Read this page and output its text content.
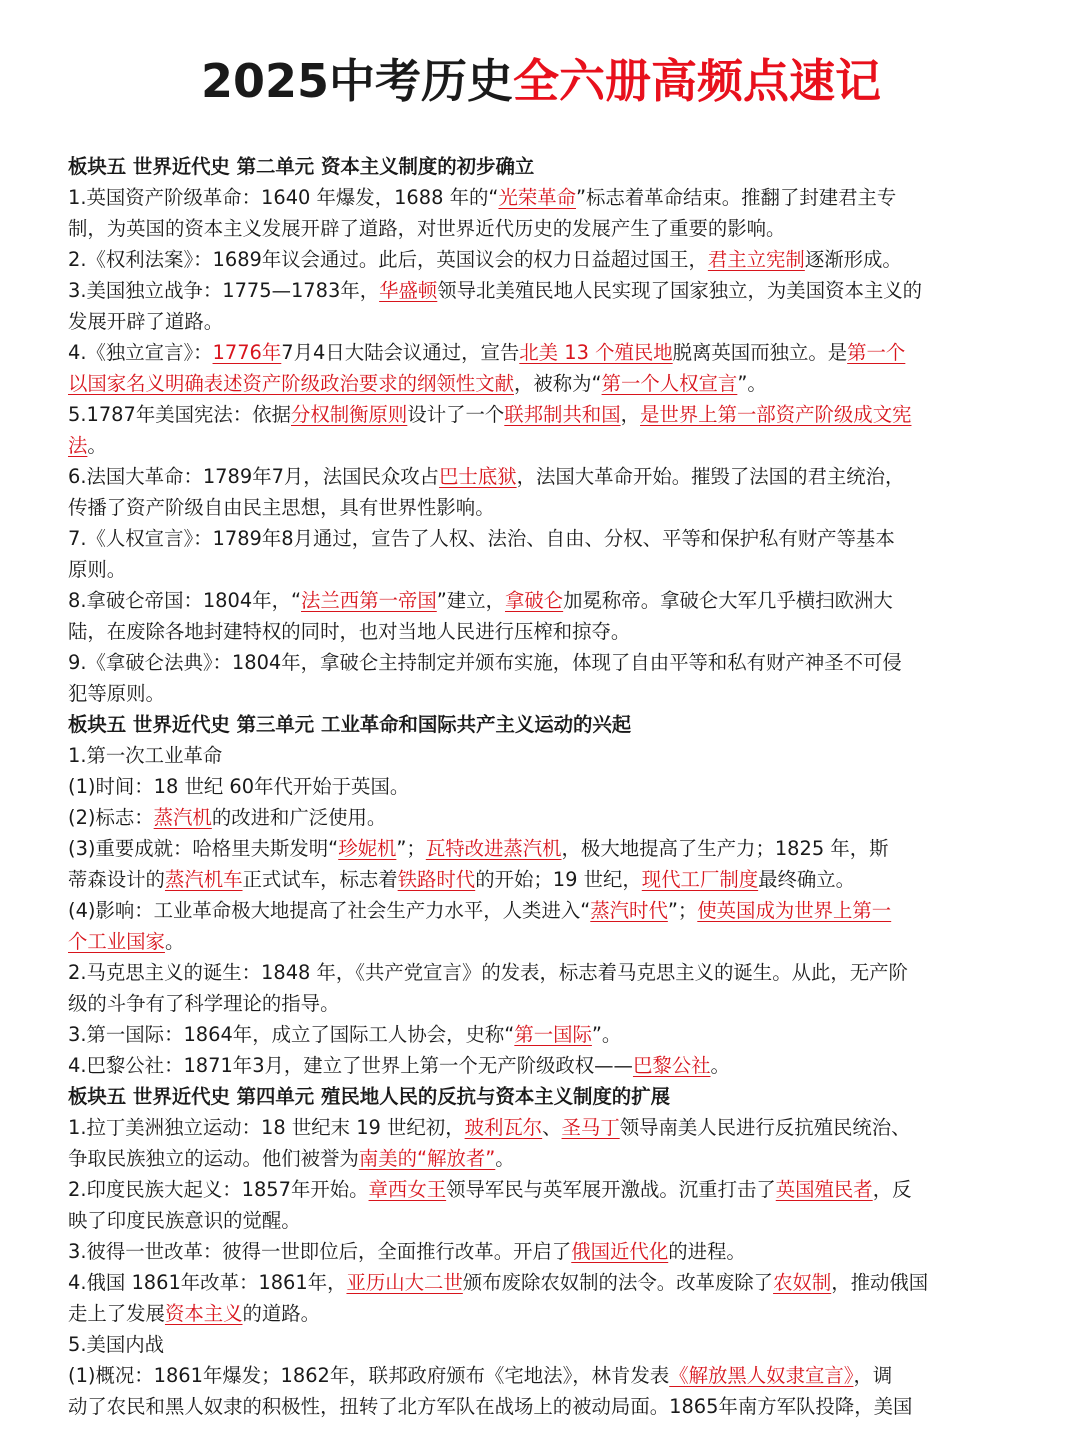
2025中考历史全六册高频点速记
板块五 世界近代史 第二单元 资本主义制度的初步确立
1.英国资产阶级革命：1640 年爆发，1688 年的“光荣革命”标志着革命结束。推翻了封建君主专
制，为英国的资本主义发展开辟了道路，对世界近代历史的发展产生了重要的影响。
2.《权利法案》：1689年议会通过。此后，英国议会的权力日益超过国王，君主立宪制逐渐形成。
3.美国独立战争：1775—1783年，华盛顿领导北美殖民地人民实现了国家独立，为美国资本主义的
发展开辟了道路。
4.《独立宣言》：1776年7月4日大陆会议通过，宣告北美 13 个殖民地脱离英国而独立。是第一个
以国家名义明确表述资产阶级政治要求的纲领性文献，被称为“第一个人权宣言”。
5.1787年美国宪法：依据分权制衡原则设计了一个联邦制共和国，是世界上第一部资产阶级成文宪
法。
6.法国大革命：1789年7月，法国民众攻占巴士底狱，法国大革命开始。摧毁了法国的君主统治，
传播了资产阶级自由民主思想，具有世界性影响。
7.《人权宣言》：1789年8月通过，宣告了人权、法治、自由、分权、平等和保护私有财产等基本
原则。
8.拿破仑帝国：1804年，“法兰西第一帝国”建立，拿破仑加冕称帝。拿破仑大军几乎横扫欧洲大
陆，在废除各地封建特权的同时，也对当地人民进行压榨和掠夺。
9.《拿破仑法典》：1804年，拿破仑主持制定并颁布实施，体现了自由平等和私有财产神圣不可侵
犯等原则。
板块五 世界近代史 第三单元 工业革命和国际共产主义运动的兴起
1.第一次工业革命
(1)时间：18 世纪 60年代开始于英国。
(2)标志：蒸汽机的改进和广泛使用。
(3)重要成就：哈格里夫斯发明“珍妮机”；瓦特改进蒸汽机，极大地提高了生产力；1825 年，斯
蒂森设计的蒸汽机车正式试车，标志着铁路时代的开始；19 世纪，现代工厂制度最终确立。
(4)影响：工业革命极大地提高了社会生产力水平，人类进入“蒸汽时代”；使英国成为世界上第一
个工业国家。
2.马克思主义的诞生：1848 年，《共产党宣言》的发表，标志着马克思主义的诞生。从此，无产阶
级的斗争有了科学理论的指导。
3.第一国际：1864年，成立了国际工人协会，史称“第一国际”。
4.巴黎公社：1871年3月，建立了世界上第一个无产阶级政权——巴黎公社。
板块五 世界近代史 第四单元 殖民地人民的反抗与资本主义制度的扩展
1.拉丁美洲独立运动：18 世纪末 19 世纪初，玻利瓦尔、圣马丁领导南美人民进行反抗殖民统治、
争取民族独立的运动。他们被誉为南美的“解放者”。
2.印度民族大起义：1857年开始。章西女王领导军民与英军展开激战。沉重打击了英国殖民者，反
映了印度民族意识的觉醒。
3.彼得一世改革：彼得一世即位后，全面推行改革。开启了俄国近代化的进程。
4.俄国 1861年改革：1861年，亚历山大二世颁布废除农奴制的法令。改革废除了农奴制，推动俄国
走上了发展资本主义的道路。
5.美国内战
(1)概况：1861年爆发；1862年，联邦政府颁布《宅地法》，林肯发表《解放黑人奴隶宣言》，调
动了农民和黑人奴隶的积极性，扭转了北方军队在战场上的被动局面。1865年南方军队投降，美国
